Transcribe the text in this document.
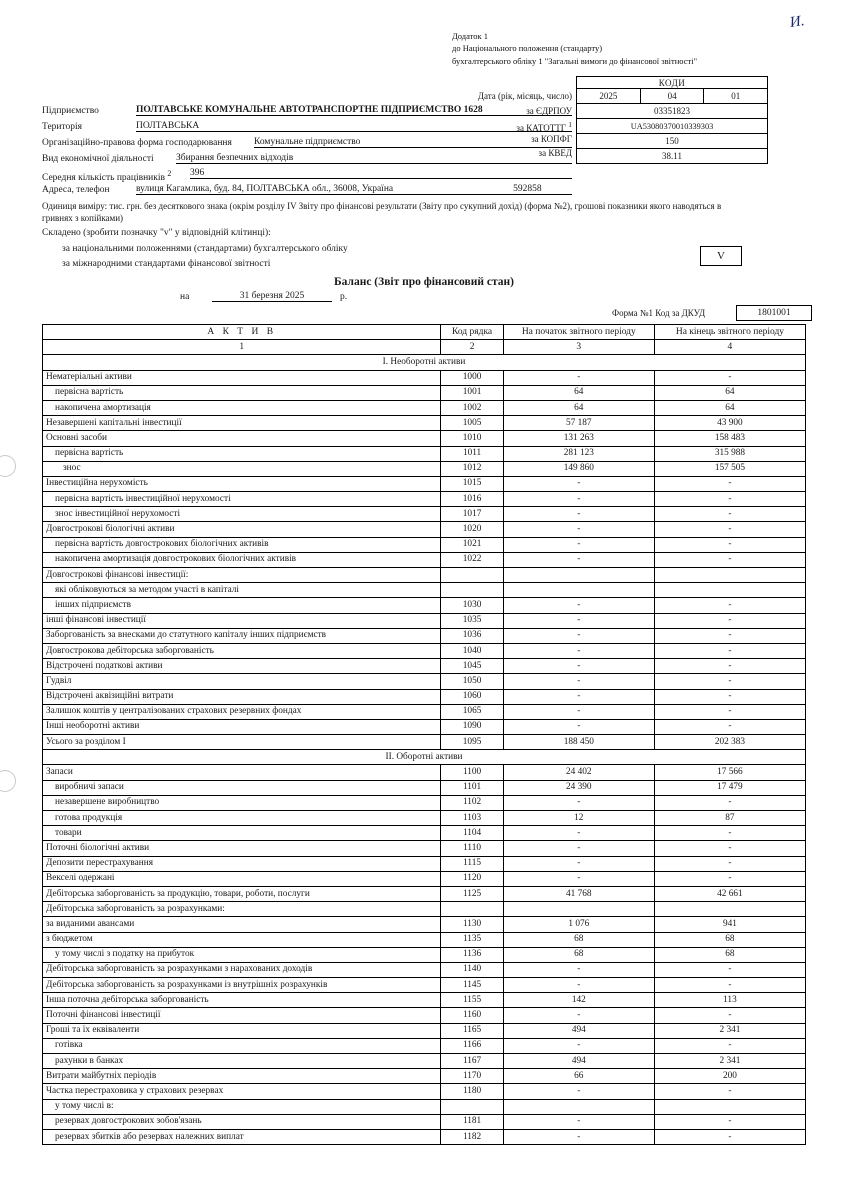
И.
Додаток 1
до Національного положення (стандарту)
бухгалтерського обліку 1 "Загальні вимоги до фінансової звітності"
КОДИ
2025	04	01
03351823
UA53080370010339303
150
38.11
Дата (рік, місяць, число)
за ЄДРПОУ
за КАТОТТГ $^1$
за КОПФГ
за КВЕД
Підприємство	ПОЛТАВСЬКЕ КОМУНАЛЬНЕ АВТОТРАНСПОРТНЕ ПІДПРИЄМСТВО 1628
Територія	ПОЛТАВСЬКА
Організаційно-правова форма господарювання Комунальне підприємство
Вид економічної діяльності Збирання безпечних відходів
Середня кількість працівників $^2$ 396
Адреса, телефон	вулиця Кагамлика, буд. 84, ПОЛТАВСЬКА обл., 36008, Україна	592858
Одиниця виміру: тис. грн. без десяткового знака (окрім розділу IV Звіту про фінансові результати (Звіту про сукупний дохід) (форма №2), грошові показники якого наводяться в гривнях з копійками)
Складено (зробити позначку "v" у відповідній клітинці):
за національними положеннями (стандартами) бухгалтерського обліку
за міжнародними стандартами фінансової звітності
V
Баланс (Звіт про фінансовий стан)
на	31 березня 2025	р.
Форма №1 Код за ДКУД	1801001
А К Т И В	Код рядка	На початок звітного періоду	На кінець звітного періоду

1	2	3	4
I. Необоротні активи			
Нематеріальні активи	1000	-	-
первісна вартість	1001	64	64
накопичена амортизація	1002	64	64
Незавершені капітальні інвестиції	1005	57 187	43 900
Основні засоби	1010	131 263	158 483
первісна вартість	1011	281 123	315 988
знос	1012	149 860	157 505
Інвестиційна нерухомість	1015	-	-
первісна вартість інвестиційної нерухомості	1016	-	-
знос інвестиційної нерухомості	1017	-	-
Довгострокові біологічні активи	1020	-	-
первісна вартість довгострокових біологічних активів	1021	-	-
накопичена амортизація довгострокових біологічних активів	1022	-	-
Довгострокові фінансові інвестиції:			
які обліковуються за методом участі в капіталі			
інших підприємств	1030	-	-
інші фінансові інвестиції	1035	-	-
Заборгованість за внесками до статутного капіталу інших підприємств	1036	-	-
Довгострокова дебіторська заборгованість	1040	-	-
Відстрочені податкові активи	1045	-	-
Гудвіл	1050	-	-
Відстрочені аквізиційні витрати	1060	-	-
Залишок коштів у централізованих страхових резервних фондах	1065	-	-
Інші необоротні активи	1090	-	-
Усього за розділом I	1095	188 450	202 383
II. Оборотні активи			
Запаси	1100	24 402	17 566
виробничі запаси	1101	24 390	17 479
незавершене виробництво	1102	-	-
готова продукція	1103	12	87
товари	1104	-	-
Поточні біологічні активи	1110	-	-
Депозити перестрахування	1115	-	-
Векселі одержані	1120	-	-
Дебіторська заборгованість за продукцію, товари, роботи, послуги	1125	41 768	42 661
Дебіторська заборгованість за розрахунками:			
за виданими авансами	1130	1 076	941
з бюджетом	1135	68	68
у тому числі з податку на прибуток	1136	68	68
Дебіторська заборгованість за розрахунками з нарахованих доходів	1140	-	-
Дебіторська заборгованість за розрахунками із внутрішніх розрахунків	1145	-	-
Інша поточна дебіторська заборгованість	1155	142	113
Поточні фінансові інвестиції	1160	-	-
Гроші та їх еквіваленти	1165	494	2 341
готівка	1166	-	-
рахунки в банках	1167	494	2 341
Витрати майбутніх періодів	1170	66	200
Частка перестраховика у страхових резервах	1180	-	-
у тому числі в:			
резервах довгострокових зобов'язань	1181	-	-
резервах збитків або резервах належних виплат	1182	-	-
